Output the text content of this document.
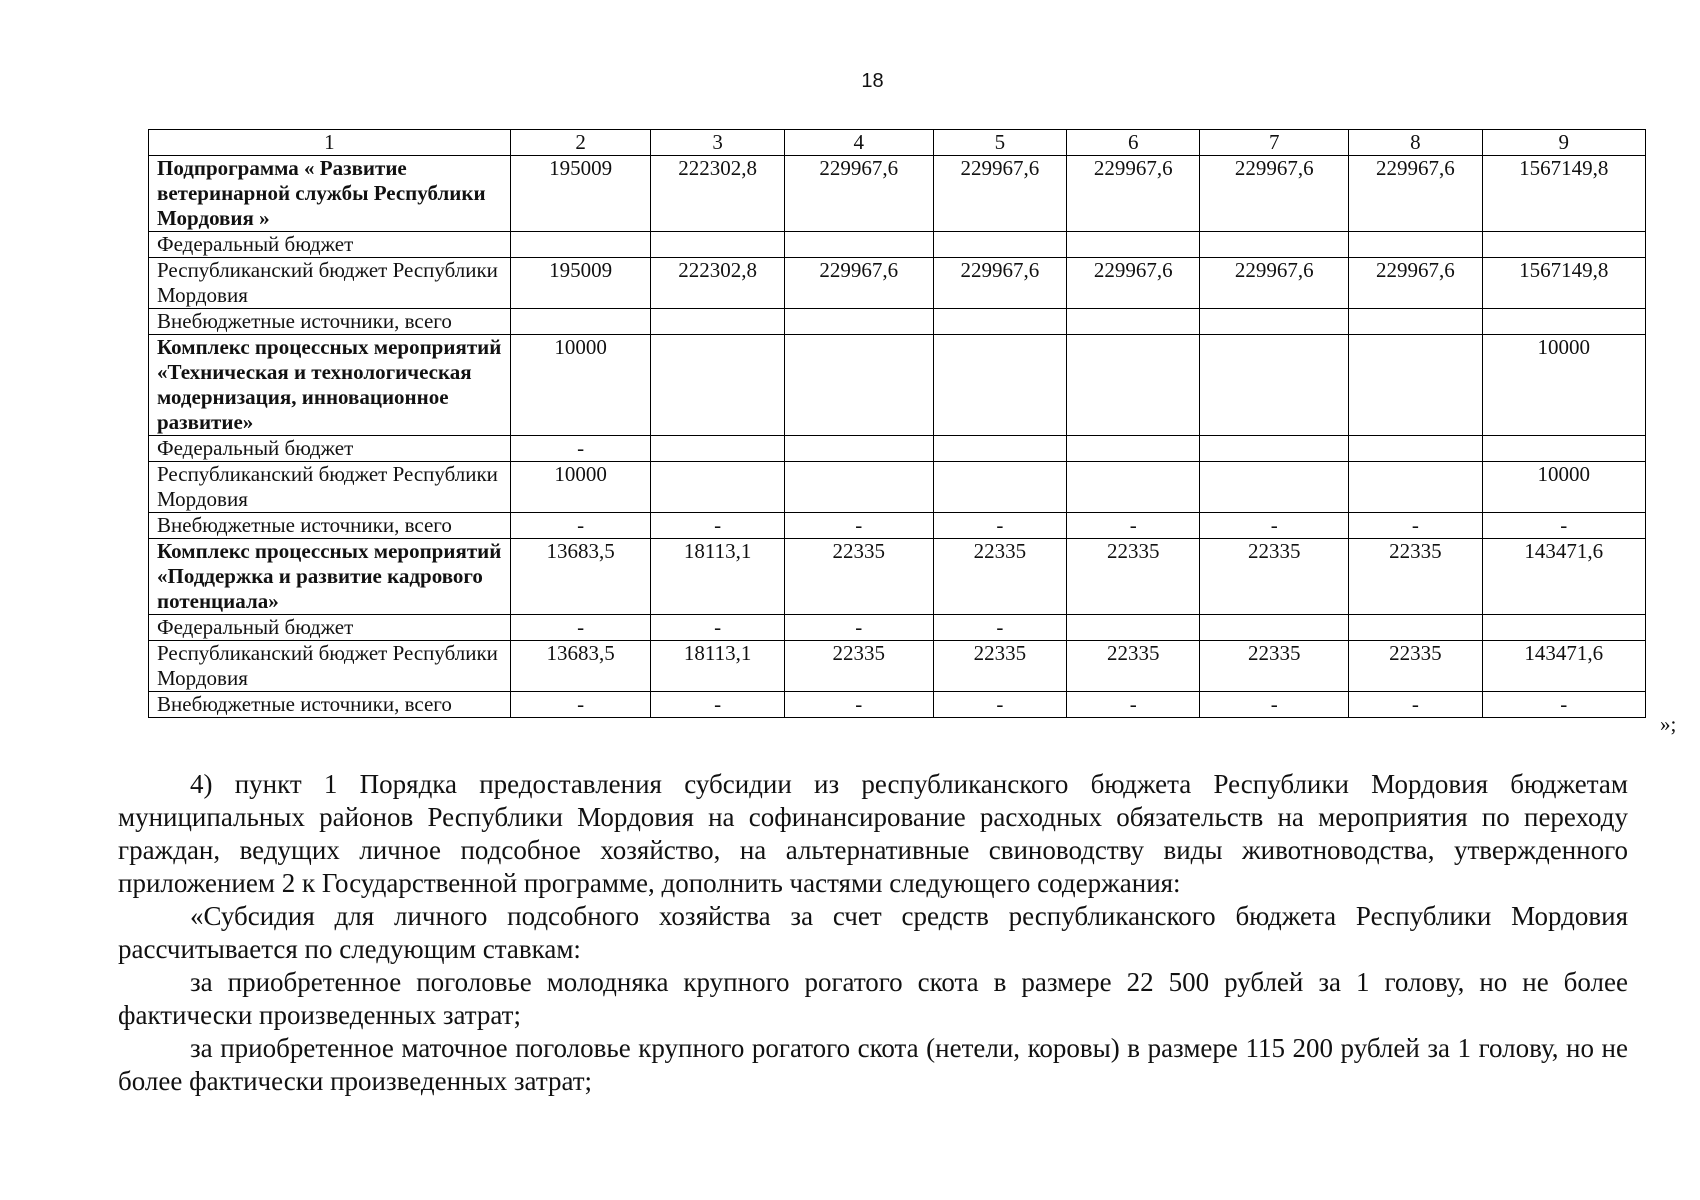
18
1	2	3	4	5	6	7	8	9
Подпрограмма « Развитие ветеринарной службы Республики Мордовия »	195009	222302,8	229967,6	229967,6	229967,6	229967,6	229967,6	1567149,8
Федеральный бюджет								
Республиканский бюджет Республики Мордовия	195009	222302,8	229967,6	229967,6	229967,6	229967,6	229967,6	1567149,8
Внебюджетные источники, всего								
Комплекс процессных мероприятий «Техническая и технологическая модернизация, инновационное развитие»	10000							10000
Федеральный бюджет	-							
Республиканский бюджет Республики Мордовия	10000							10000
Внебюджетные источники, всего	-	-	-	-	-	-	-	-
Комплекс процессных мероприятий «Поддержка и развитие кадрового потенциала»	13683,5	18113,1	22335	22335	22335	22335	22335	143471,6
Федеральный бюджет	-	-	-	-				
Республиканский бюджет Республики Мордовия	13683,5	18113,1	22335	22335	22335	22335	22335	143471,6
Внебюджетные источники, всего	-	-	-	-	-	-	-	-
»;

4) пункт 1 Порядка предоставления субсидии из республиканского бюджета Республики Мордовия бюджетам муниципальных районов Республики Мордовия на софинансирование расходных обязательств на мероприятия по переходу граждан, ведущих личное подсобное хозяйство, на альтернативные свиноводству виды животноводства, утвержденного приложением 2 к Государственной программе, дополнить частями следующего содержания:

«Субсидия для личного подсобного хозяйства за счет средств республиканского бюджета Республики Мордовия рассчитывается по следующим ставкам:

за приобретенное поголовье молодняка крупного рогатого скота в размере 22 500 рублей за 1 голову, но не более фактически произведенных затрат;

за приобретенное маточное поголовье крупного рогатого скота (нетели, коровы) в размере 115 200 рублей за 1 голову, но не более фактически произведенных затрат;
